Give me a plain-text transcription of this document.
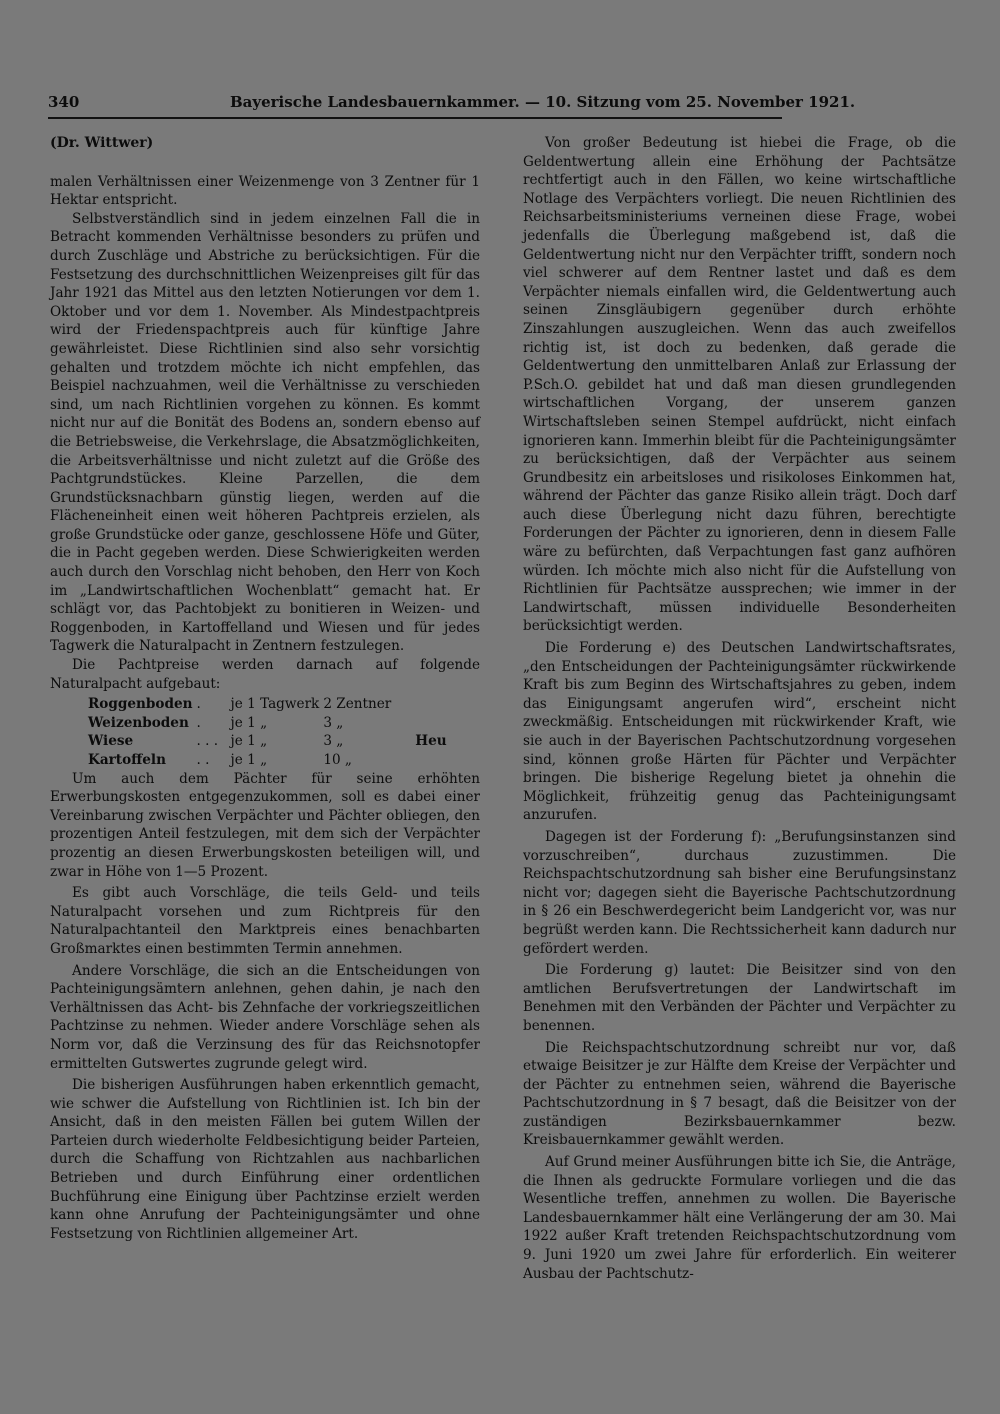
340	Bayerische Landesbauernkammer. — 10. Sitzung vom 25. November 1921.

(Dr. Wittwer)

malen Verhältnissen einer Weizenmenge von 3 Zentner für 1 Hektar entspricht.

Selbstverständlich sind in jedem einzelnen Fall die in Betracht kommenden Verhältnisse besonders zu prüfen und durch Zuschläge und Abstriche zu berücksichtigen. Für die Festsetzung des durchschnittlichen Weizenpreises gilt für das Jahr 1921 das Mittel aus den letzten Notierungen vor dem 1. Oktober und vor dem 1. November. Als Mindestpachtpreis wird der Friedenspachtpreis auch für künftige Jahre gewährleistet. Diese Richtlinien sind also sehr vorsichtig gehalten und trotzdem möchte ich nicht empfehlen, das Beispiel nachzuahmen, weil die Verhältnisse zu verschieden sind, um nach Richtlinien vorgehen zu können. Es kommt nicht nur auf die Bonität des Bodens an, sondern ebenso auf die Betriebsweise, die Verkehrslage, die Absatzmöglichkeiten, die Arbeitsverhältnisse und nicht zuletzt auf die Größe des Pachtgrundstückes. Kleine Parzellen, die dem Grundstücksnachbarn günstig liegen, werden auf die Flächeneinheit einen weit höheren Pachtpreis erzielen, als große Grundstücke oder ganze, geschlossene Höfe und Güter, die in Pacht gegeben werden. Diese Schwierigkeiten werden auch durch den Vorschlag nicht behoben, den Herr von Koch im „Landwirtschaftlichen Wochenblatt“ gemacht hat. Er schlägt vor, das Pachtobjekt zu bonitieren in Weizen- und Roggenboden, in Kartoffelland und Wiesen und für jedes Tagwerk die Naturalpacht in Zentnern festzulegen.

Die Pachtpreise werden darnach auf folgende Naturalpacht aufgebaut:

Roggenboden	.	je 1 Tagwerk	2 Zentner	
Weizenboden	.	je 1 „	3 „	
Wiese	. . .	je 1 „	3 „	Heu
Kartoffeln	. .	je 1 „	10 „	

Um auch dem Pächter für seine erhöhten Erwerbungskosten entgegenzukommen, soll es dabei einer Vereinbarung zwischen Verpächter und Pächter obliegen, den prozentigen Anteil festzulegen, mit dem sich der Verpächter prozentig an diesen Erwerbungskosten beteiligen will, und zwar in Höhe von 1—5 Prozent.

Es gibt auch Vorschläge, die teils Geld- und teils Naturalpacht vorsehen und zum Richtpreis für den Naturalpachtanteil den Marktpreis eines benachbarten Großmarktes einen bestimmten Termin annehmen.

Andere Vorschläge, die sich an die Entscheidungen von Pachteinigungsämtern anlehnen, gehen dahin, je nach den Verhältnissen das Acht- bis Zehnfache der vorkriegszeitlichen Pachtzinse zu nehmen. Wieder andere Vorschläge sehen als Norm vor, daß die Verzinsung des für das Reichsnotopfer ermittelten Gutswertes zugrunde gelegt wird.

Die bisherigen Ausführungen haben erkenntlich gemacht, wie schwer die Aufstellung von Richtlinien ist. Ich bin der Ansicht, daß in den meisten Fällen bei gutem Willen der Parteien durch wiederholte Feldbesichtigung beider Parteien, durch die Schaffung von Richtzahlen aus nachbarlichen Betrieben und durch Einführung einer ordentlichen Buchführung eine Einigung über Pachtzinse erzielt werden kann ohne Anrufung der Pachteinigungsämter und ohne Festsetzung von Richtlinien allgemeiner Art.

Von großer Bedeutung ist hiebei die Frage, ob die Geldentwertung allein eine Erhöhung der Pachtsätze rechtfertigt auch in den Fällen, wo keine wirtschaftliche Notlage des Verpächters vorliegt. Die neuen Richtlinien des Reichsarbeitsministeriums verneinen diese Frage, wobei jedenfalls die Überlegung maßgebend ist, daß die Geldentwertung nicht nur den Verpächter trifft, sondern noch viel schwerer auf dem Rentner lastet und daß es dem Verpächter niemals einfallen wird, die Geldentwertung auch seinen Zinsgläubigern gegenüber durch erhöhte Zinszahlungen auszugleichen. Wenn das auch zweifellos richtig ist, ist doch zu bedenken, daß gerade die Geldentwertung den unmittelbaren Anlaß zur Erlassung der P.Sch.O. gebildet hat und daß man diesen grundlegenden wirtschaftlichen Vorgang, der unserem ganzen Wirtschaftsleben seinen Stempel aufdrückt, nicht einfach ignorieren kann. Immerhin bleibt für die Pachteinigungsämter zu berücksichtigen, daß der Verpächter aus seinem Grundbesitz ein arbeitsloses und risikoloses Einkommen hat, während der Pächter das ganze Risiko allein trägt. Doch darf auch diese Überlegung nicht dazu führen, berechtigte Forderungen der Pächter zu ignorieren, denn in diesem Falle wäre zu befürchten, daß Verpachtungen fast ganz aufhören würden. Ich möchte mich also nicht für die Aufstellung von Richtlinien für Pachtsätze aussprechen; wie immer in der Landwirtschaft, müssen individuelle Besonderheiten berücksichtigt werden.

Die Forderung e) des Deutschen Landwirtschaftsrates, „den Entscheidungen der Pachteinigungsämter rückwirkende Kraft bis zum Beginn des Wirtschaftsjahres zu geben, indem das Einigungsamt angerufen wird“, erscheint nicht zweckmäßig. Entscheidungen mit rückwirkender Kraft, wie sie auch in der Bayerischen Pachtschutzordnung vorgesehen sind, können große Härten für Pächter und Verpächter bringen. Die bisherige Regelung bietet ja ohnehin die Möglichkeit, frühzeitig genug das Pachteinigungsamt anzurufen.

Dagegen ist der Forderung f): „Berufungsinstanzen sind vorzuschreiben“, durchaus zuzustimmen. Die Reichspachtschutzordnung sah bisher eine Berufungsinstanz nicht vor; dagegen sieht die Bayerische Pachtschutzordnung in § 26 ein Beschwerdegericht beim Landgericht vor, was nur begrüßt werden kann. Die Rechtssicherheit kann dadurch nur gefördert werden.

Die Forderung g) lautet: Die Beisitzer sind von den amtlichen Berufsvertretungen der Landwirtschaft im Benehmen mit den Verbänden der Pächter und Verpächter zu benennen.

Die Reichspachtschutzordnung schreibt nur vor, daß etwaige Beisitzer je zur Hälfte dem Kreise der Verpächter und der Pächter zu entnehmen seien, während die Bayerische Pachtschutzordnung in § 7 besagt, daß die Beisitzer von der zuständigen Bezirksbauernkammer bezw. Kreisbauernkammer gewählt werden.

Auf Grund meiner Ausführungen bitte ich Sie, die Anträge, die Ihnen als gedruckte Formulare vorliegen und die das Wesentliche treffen, annehmen zu wollen. Die Bayerische Landesbauernkammer hält eine Verlängerung der am 30. Mai 1922 außer Kraft tretenden Reichspachtschutzordnung vom 9. Juni 1920 um zwei Jahre für erforderlich. Ein weiterer Ausbau der Pachtschutz-
